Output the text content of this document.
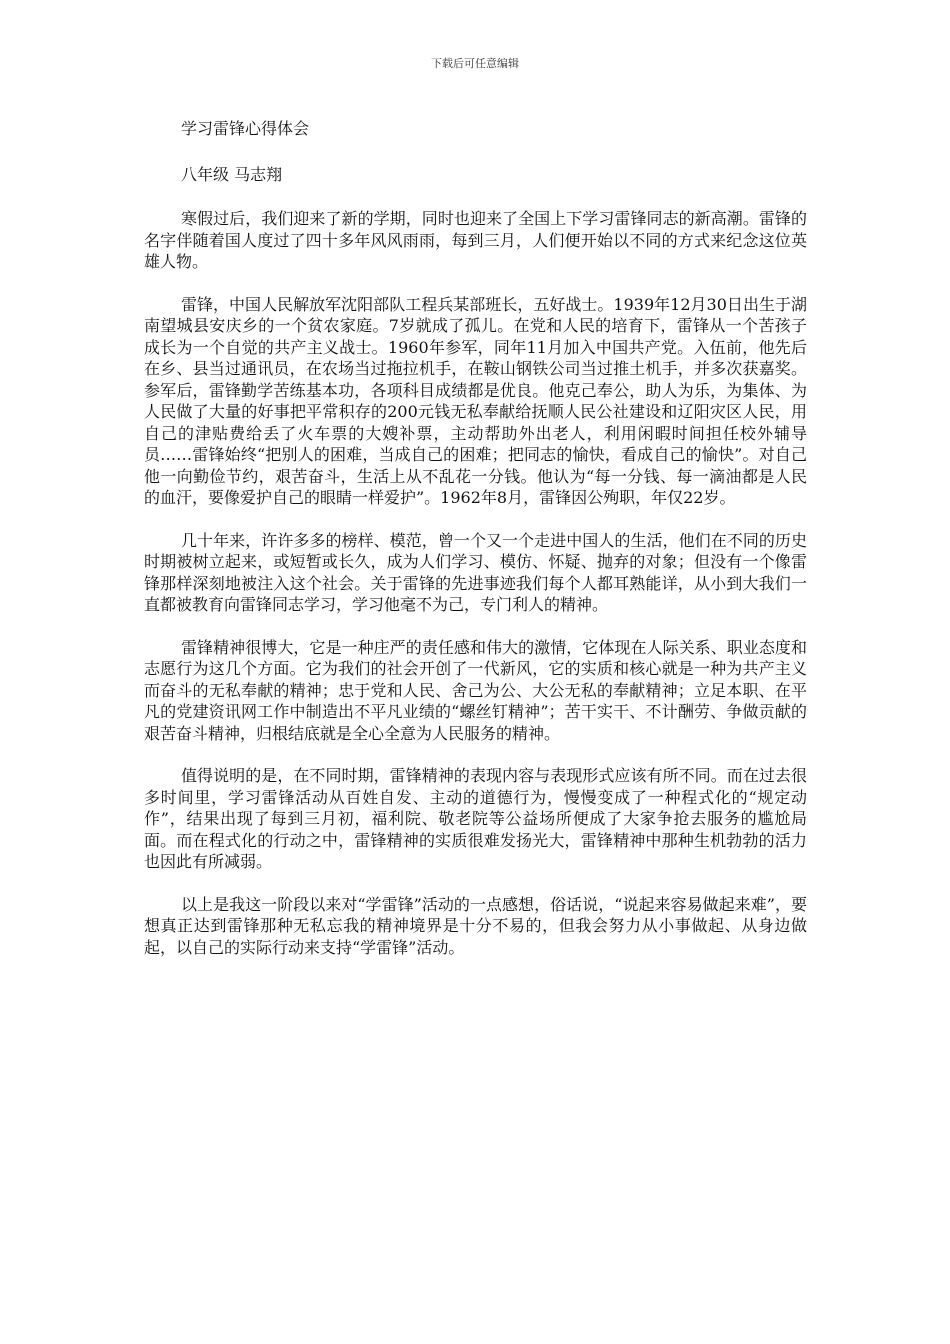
下载后可任意编辑

学习雷锋心得体会

八年级 马志翔

寒假过后，我们迎来了新的学期，同时也迎来了全国上下学习雷锋同志的新高潮。雷锋的名字伴随着国人度过了四十多年风风雨雨，每到三月，人们便开始以不同的方式来纪念这位英雄人物。

雷锋，中国人民解放军沈阳部队工程兵某部班长，五好战士。1939年12月30日出生于湖南望城县安庆乡的一个贫农家庭。7岁就成了孤儿。在党和人民的培育下，雷锋从一个苦孩子成长为一个自觉的共产主义战士。1960年参军，同年11月加入中国共产党。入伍前，他先后在乡、县当过通讯员，在农场当过拖拉机手，在鞍山钢铁公司当过推土机手，并多次获嘉奖。参军后，雷锋勤学苦练基本功，各项科目成绩都是优良。他克己奉公，助人为乐，为集体、为人民做了大量的好事把平常积存的200元钱无私奉献给抚顺人民公社建设和辽阳灾区人民，用自己的津贴费给丢了火车票的大嫂补票，主动帮助外出老人，利用闲暇时间担任校外辅导员……雷锋始终“把别人的困难，当成自己的困难；把同志的愉快，看成自己的愉快”。对自己他一向勤俭节约，艰苦奋斗，生活上从不乱花一分钱。他认为“每一分钱、每一滴油都是人民的血汗，要像爱护自己的眼睛一样爱护”。1962年8月，雷锋因公殉职，年仅22岁。

几十年来，许许多多的榜样、模范，曾一个又一个走进中国人的生活，他们在不同的历史时期被树立起来，或短暂或长久，成为人们学习、模仿、怀疑、抛弃的对象；但没有一个像雷锋那样深刻地被注入这个社会。关于雷锋的先进事迹我们每个人都耳熟能详，从小到大我们一直都被教育向雷锋同志学习，学习他毫不为己，专门利人的精神。

雷锋精神很博大，它是一种庄严的责任感和伟大的激情，它体现在人际关系、职业态度和志愿行为这几个方面。它为我们的社会开创了一代新风，它的实质和核心就是一种为共产主义而奋斗的无私奉献的精神；忠于党和人民、舍己为公、大公无私的奉献精神；立足本职、在平凡的党建资讯网工作中制造出不平凡业绩的“螺丝钉精神”；苦干实干、不计酬劳、争做贡献的艰苦奋斗精神，归根结底就是全心全意为人民服务的精神。

值得说明的是，在不同时期，雷锋精神的表现内容与表现形式应该有所不同。而在过去很多时间里，学习雷锋活动从百姓自发、主动的道德行为，慢慢变成了一种程式化的“规定动作”，结果出现了每到三月初，福利院、敬老院等公益场所便成了大家争抢去服务的尴尬局面。而在程式化的行动之中，雷锋精神的实质很难发扬光大，雷锋精神中那种生机勃勃的活力也因此有所减弱。

以上是我这一阶段以来对“学雷锋”活动的一点感想，俗话说，“说起来容易做起来难”，要想真正达到雷锋那种无私忘我的精神境界是十分不易的，但我会努力从小事做起、从身边做起，以自己的实际行动来支持“学雷锋”活动。
